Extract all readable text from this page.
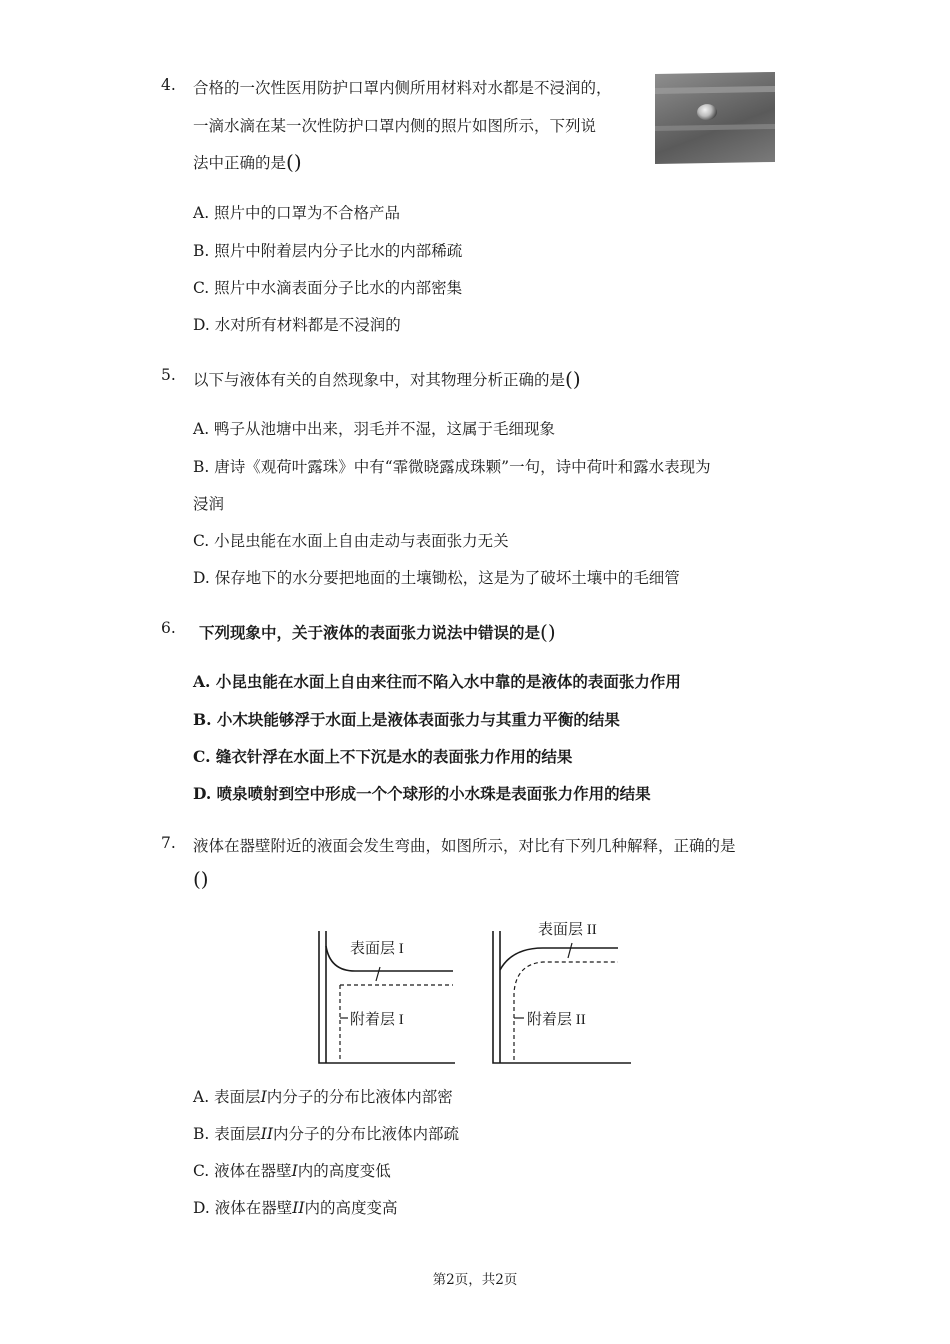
4. 合格的一次性医用防护口罩内侧所用材料对水都是不浸润的，
一滴水滴在某一次性防护口罩内侧的照片如图所示，下列说
法中正确的是()
A. 照片中的口罩为不合格产品
B. 照片中附着层内分子比水的内部稀疏
C. 照片中水滴表面分子比水的内部密集
D. 水对所有材料都是不浸润的
5. 以下与液体有关的自然现象中，对其物理分析正确的是()
A. 鸭子从池塘中出来，羽毛并不湿，这属于毛细现象
B. 唐诗《观荷叶露珠》中有“霏微晓露成珠颗”一句，诗中荷叶和露水表现为
浸润
C. 小昆虫能在水面上自由走动与表面张力无关
D. 保存地下的水分要把地面的土壤锄松，这是为了破坏土壤中的毛细管
6. 下列现象中，关于液体的表面张力说法中错误的是()
A. 小昆虫能在水面上自由来往而不陷入水中靠的是液体的表面张力作用
B. 小木块能够浮于水面上是液体表面张力与其重力平衡的结果
C. 缝衣针浮在水面上不下沉是水的表面张力作用的结果
D. 喷泉喷射到空中形成一个个球形的小水珠是表面张力作用的结果
7. 液体在器壁附近的液面会发生弯曲，如图所示，对比有下列几种解释，正确的是
()
表面层 I
附着层 I
表面层 II
附着层 II
A. 表面层I内分子的分布比液体内部密
B. 表面层II内分子的分布比液体内部疏
C. 液体在器壁I内的高度变低
D. 液体在器壁II内的高度变高
第2页，共2页
